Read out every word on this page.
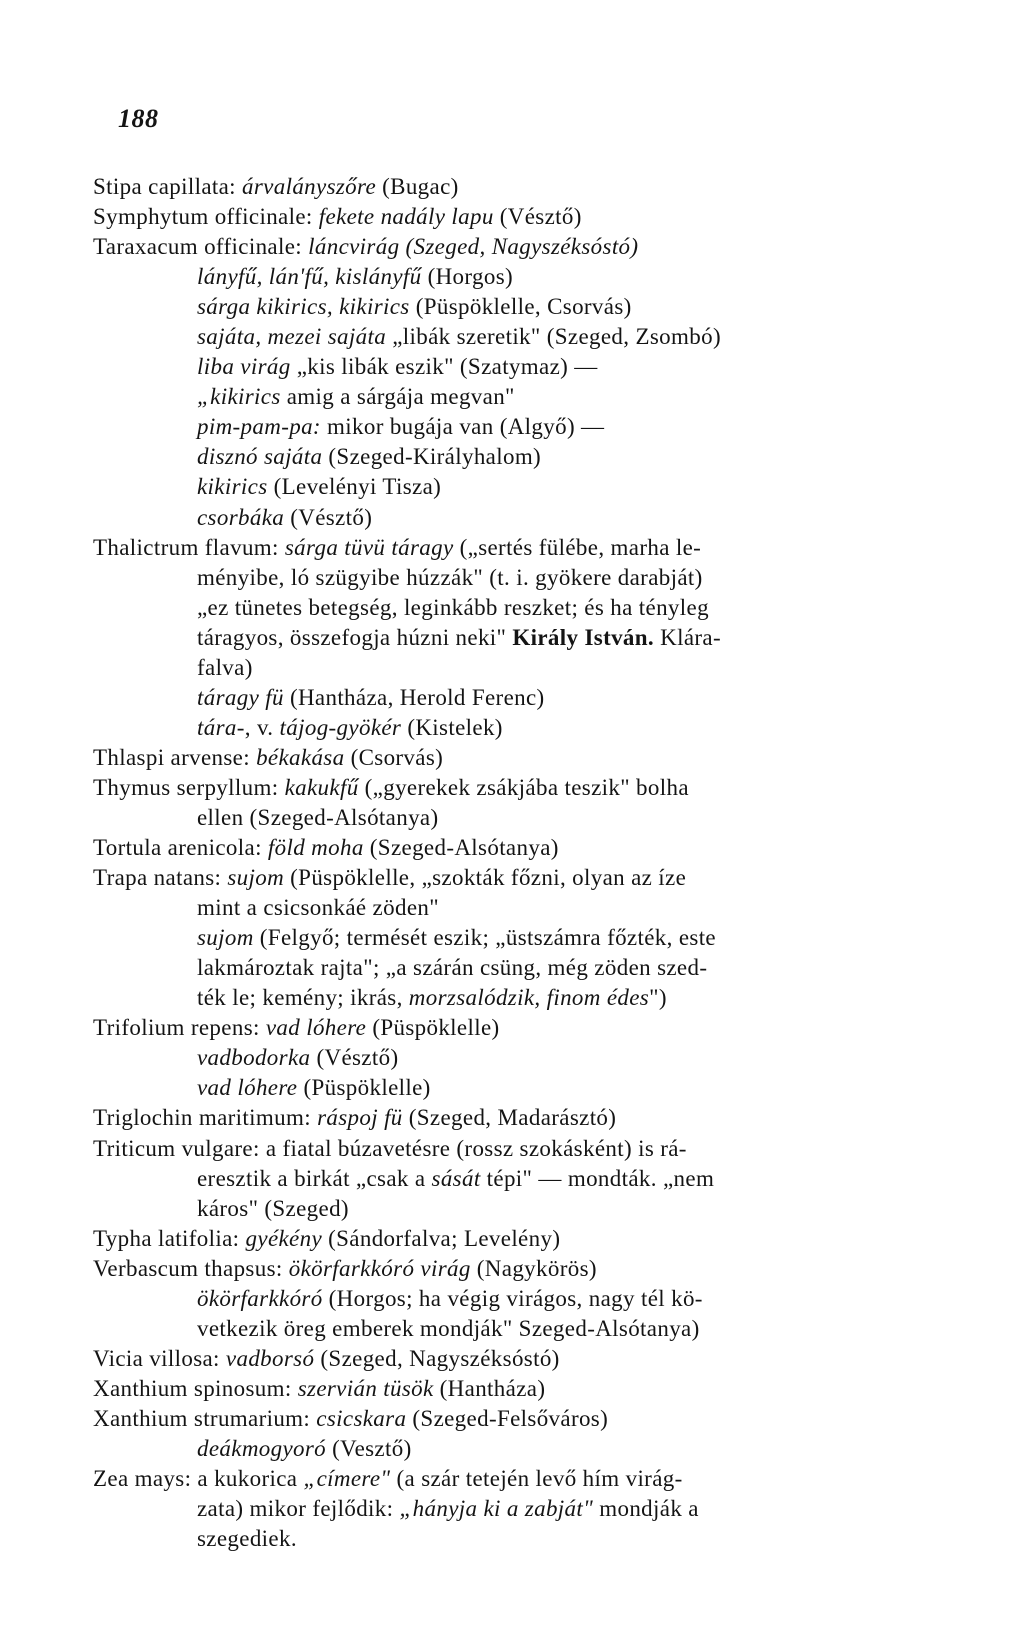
188
Stipa capillata: árvalányszőre (Bugac)
Symphytum officinale: fekete nadály lapu (Vésztő)
Taraxacum officinale: láncvirág (Szeged, Nagyszéksóstó)
lányfű, lán'fű, kislányfű (Horgos)
sárga kikirics, kikirics (Püspöklelle, Csorvás)
sajáta, mezei sajáta „libák szeretik" (Szeged, Zsombó)
liba virág „kis libák eszik" (Szatymaz) —
„kikirics amig a sárgája megvan"
pim-pam-pa: mikor bugája van (Algyő) —
disznó sajáta (Szeged-Királyhalom)
kikirics (Levelényi Tisza)
csorbáka (Vésztő)
Thalictrum flavum: sárga tüvü táragy („sertés fülébe, marha le-
ményibe, ló szügyibe húzzák" (t. i. gyökere darabját)
„ez tünetes betegség, leginkább reszket; és ha tényleg
táragyos, összefogja húzni neki" Király István. Klára-
falva)
táragy fü (Hantháza, Herold Ferenc)
tára-, v. tájog-gyökér (Kistelek)
Thlaspi arvense: békakása (Csorvás)
Thymus serpyllum: kakukfű („gyerekek zsákjába teszik" bolha
ellen (Szeged-Alsótanya)
Tortula arenicola: föld moha (Szeged-Alsótanya)
Trapa natans: sujom (Püspöklelle, „szokták főzni, olyan az íze
mint a csicsonkáé zöden"
sujom (Felgyő; termését eszik; „üstszámra főzték, este
lakmároztak rajta"; „a szárán csüng, még zöden szed-
ték le; kemény; ikrás, morzsalódzik, finom édes")
Trifolium repens: vad lóhere (Püspöklelle)
vadbodorka (Vésztő)
vad lóhere (Püspöklelle)
Triglochin maritimum: ráspoj fü (Szeged, Madarásztó)
Triticum vulgare: a fiatal búzavetésre (rossz szokásként) is rá-
eresztik a birkát „csak a sását tépi" — mondták. „nem
káros" (Szeged)
Typha latifolia: gyékény (Sándorfalva; Levelény)
Verbascum thapsus: ökörfarkkóró virág (Nagykörös)
ökörfarkkóró (Horgos; ha végig virágos, nagy tél kö-
vetkezik öreg emberek mondják" Szeged-Alsótanya)
Vicia villosa: vadborsó (Szeged, Nagyszéksóstó)
Xanthium spinosum: szervián tüsök (Hantháza)
Xanthium strumarium: csicskara (Szeged-Felsőváros)
deákmogyoró (Vesztő)
Zea mays: a kukorica „címere" (a szár tetején levő hím virág-
zata) mikor fejlődik: „hányja ki a zabját" mondják a
szegediek.
